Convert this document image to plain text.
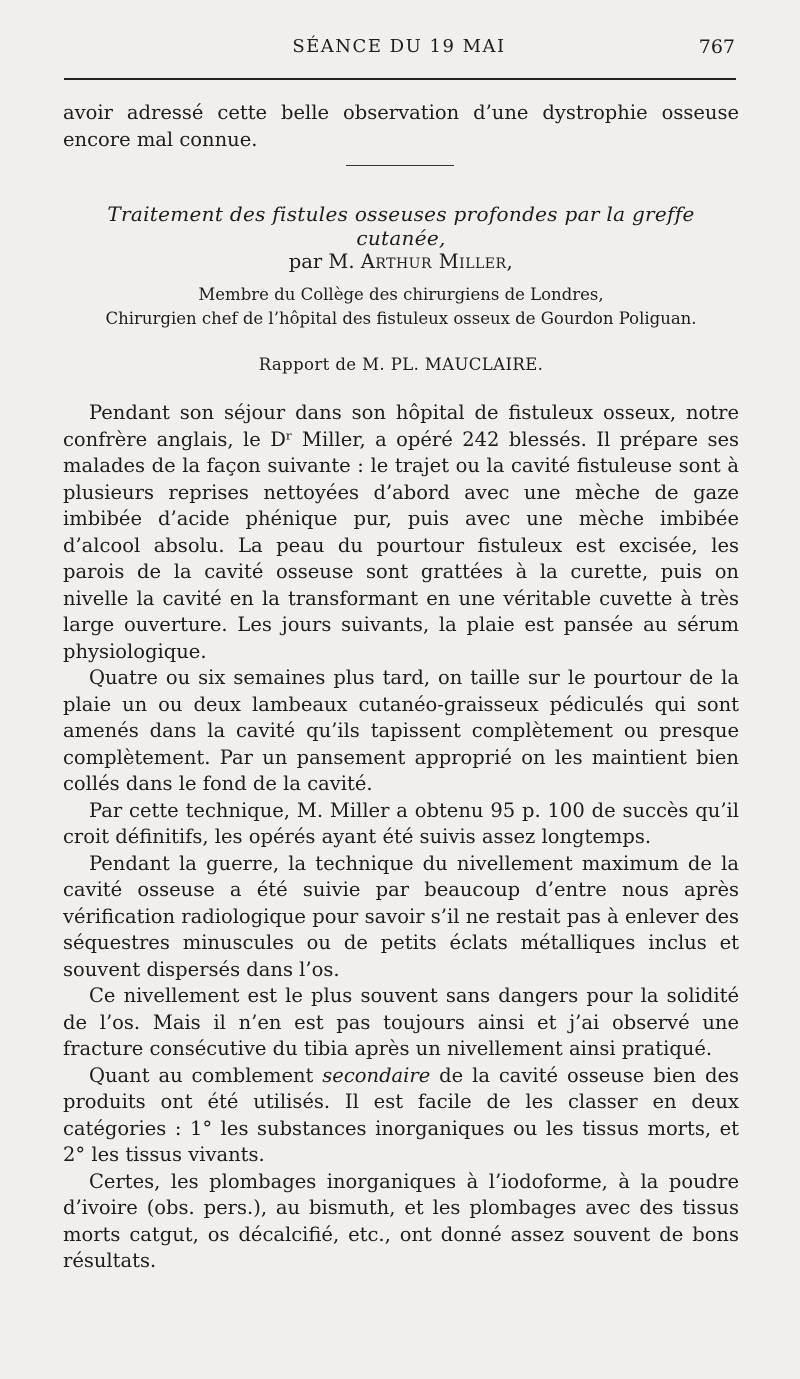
SÉANCE DU 19 MAI	767

avoir adressé cette belle observation d’une dystrophie osseuse encore mal connue.

Traitement des fistules osseuses profondes par la greffe cutanée,
par M. Arthur Miller,
Membre du Collège des chirurgiens de Londres,
Chirurgien chef de l’hôpital des fistuleux osseux de Gourdon Poliguan.
Rapport de M. PL. MAUCLAIRE.

Pendant son séjour dans son hôpital de fistuleux osseux, notre confrère anglais, le Dʳ Miller, a opéré 242 blessés. Il prépare ses malades de la façon suivante : le trajet ou la cavité fistuleuse sont à plusieurs reprises nettoyées d’abord avec une mèche de gaze imbibée d’acide phénique pur, puis avec une mèche imbibée d’alcool absolu. La peau du pourtour fistuleux est excisée, les parois de la cavité osseuse sont grattées à la curette, puis on nivelle la cavité en la transformant en une véritable cuvette à très large ouverture. Les jours suivants, la plaie est pansée au sérum physiologique.

Quatre ou six semaines plus tard, on taille sur le pourtour de la plaie un ou deux lambeaux cutanéo-graisseux pédiculés qui sont amenés dans la cavité qu’ils tapissent complètement ou presque complètement. Par un pansement approprié on les maintient bien collés dans le fond de la cavité.

Par cette technique, M. Miller a obtenu 95 p. 100 de succès qu’il croit définitifs, les opérés ayant été suivis assez longtemps.

Pendant la guerre, la technique du nivellement maximum de la cavité osseuse a été suivie par beaucoup d’entre nous après vérification radiologique pour savoir s’il ne restait pas à enlever des séquestres minuscules ou de petits éclats métalliques inclus et souvent dispersés dans l’os.

Ce nivellement est le plus souvent sans dangers pour la solidité de l’os. Mais il n’en est pas toujours ainsi et j’ai observé une fracture consécutive du tibia après un nivellement ainsi pratiqué.

Quant au comblement secondaire de la cavité osseuse bien des produits ont été utilisés. Il est facile de les classer en deux catégories : 1° les substances inorganiques ou les tissus morts, et 2° les tissus vivants.

Certes, les plombages inorganiques à l’iodoforme, à la poudre d’ivoire (obs. pers.), au bismuth, et les plombages avec des tissus morts catgut, os décalcifié, etc., ont donné assez souvent de bons résultats.
